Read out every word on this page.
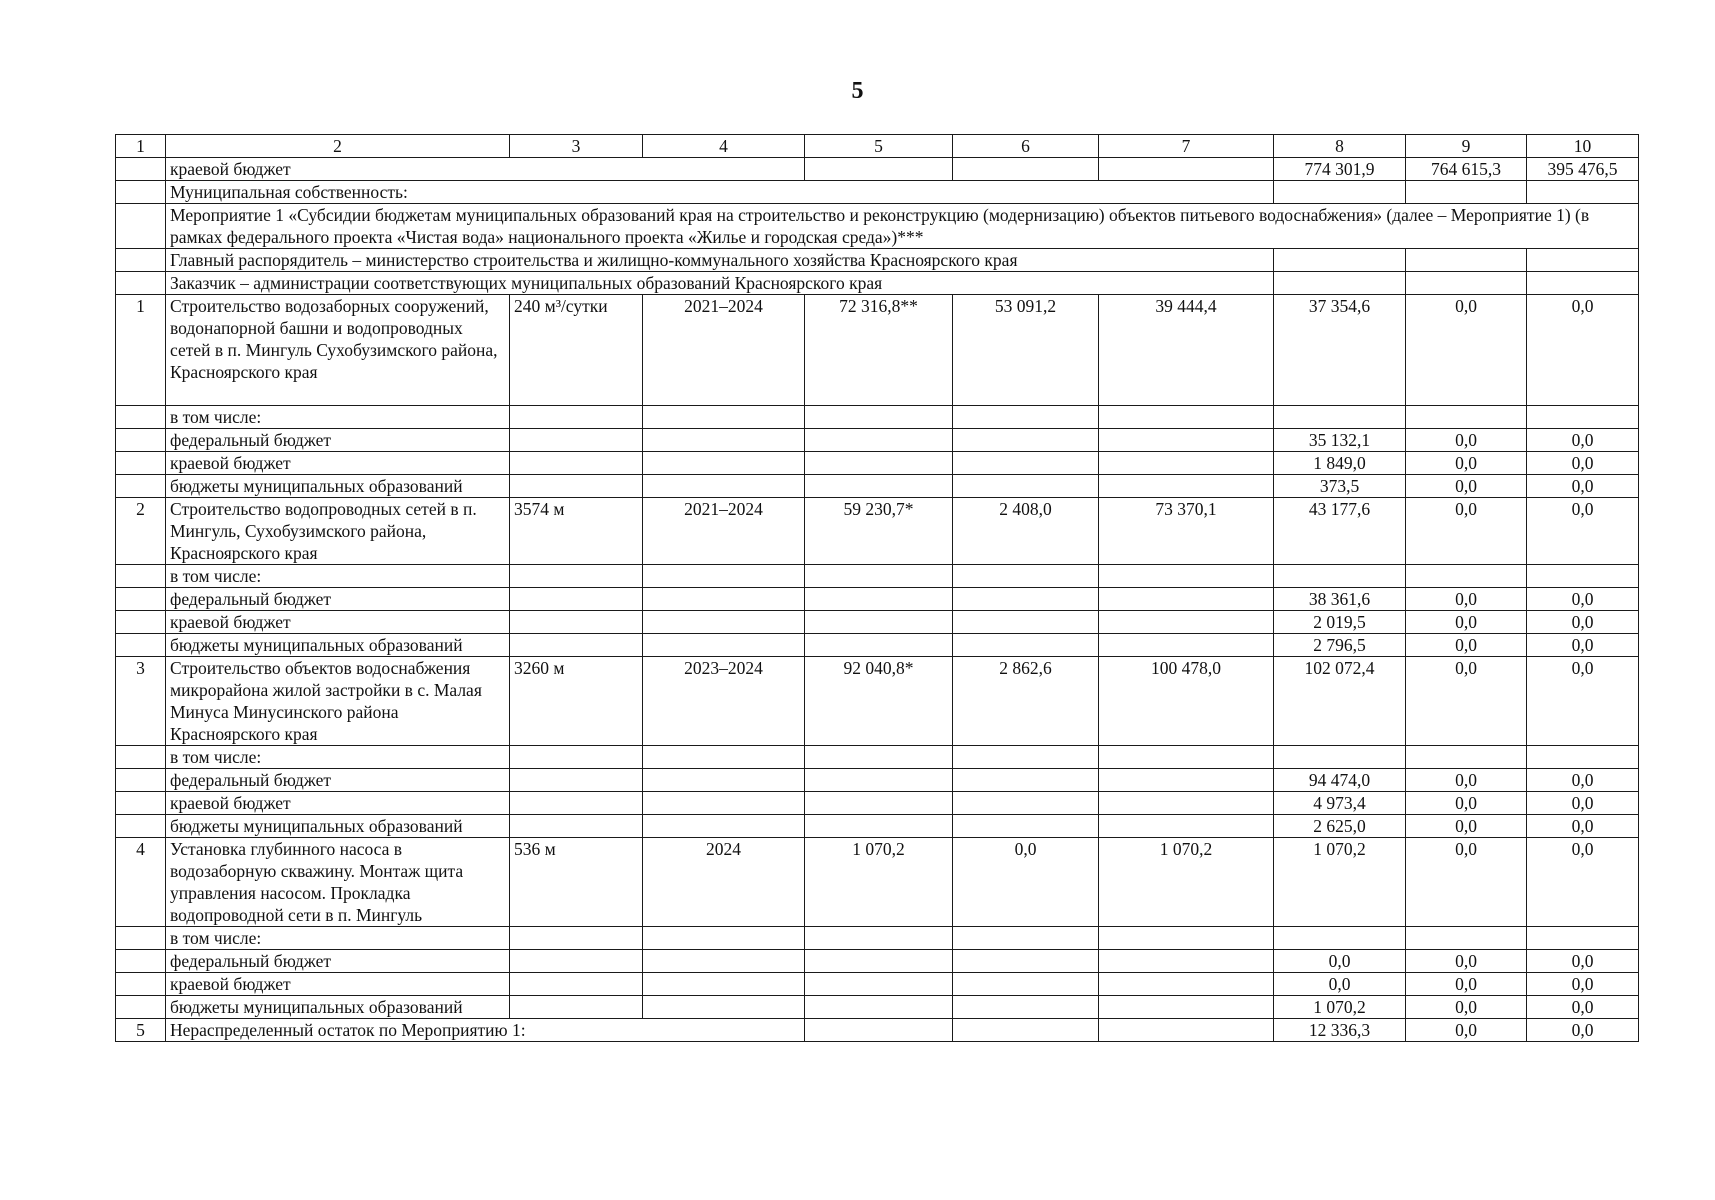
5
1	2	3	4	5	6	7	8	9	10
	краевой бюджет						774 301,9	764 615,3	395 476,5
	Муниципальная собственность:								
	Мероприятие 1 «Субсидии бюджетам муниципальных образований края на строительство и реконструкцию (модернизацию) объектов питьевого водоснабжения» (далее – Мероприятие 1) (в рамках федерального проекта «Чистая вода» национального проекта «Жилье и городская среда»)***								
	Главный распорядитель – министерство строительства и жилищно-коммунального хозяйства Красноярского края								
	Заказчик – администрации соответствующих муниципальных образований Красноярского края								
1	Строительство водозаборных сооружений, водонапорной башни и водопроводных сетей в п. Мингуль Сухобузимского района, Красноярского края	240 м³/сутки	2021–2024	72 316,8**	53 091,2	39 444,4	37 354,6	0,0	0,0
	в том числе:								
	федеральный бюджет						35 132,1	0,0	0,0
	краевой бюджет						1 849,0	0,0	0,0
	бюджеты муниципальных образований						373,5	0,0	0,0
2	Строительство водопроводных сетей в п. Мингуль, Сухобузимского района, Красноярского края	3574 м	2021–2024	59 230,7*	2 408,0	73 370,1	43 177,6	0,0	0,0
	в том числе:								
	федеральный бюджет						38 361,6	0,0	0,0
	краевой бюджет						2 019,5	0,0	0,0
	бюджеты муниципальных образований						2 796,5	0,0	0,0
3	Строительство объектов водоснабжения микрорайона жилой застройки в с. Малая Минуса Минусинского района Красноярского края	3260 м	2023–2024	92 040,8*	2 862,6	100 478,0	102 072,4	0,0	0,0
	в том числе:								
	федеральный бюджет						94 474,0	0,0	0,0
	краевой бюджет						4 973,4	0,0	0,0
	бюджеты муниципальных образований						2 625,0	0,0	0,0
4	Установка глубинного насоса в водозаборную скважину. Монтаж щита управления насосом. Прокладка водопроводной сети в п. Мингуль	536 м	2024	1 070,2	0,0	1 070,2	1 070,2	0,0	0,0
	в том числе:								
	федеральный бюджет						0,0	0,0	0,0
	краевой бюджет						0,0	0,0	0,0
	бюджеты муниципальных образований						1 070,2	0,0	0,0
5	Нераспределенный остаток по Мероприятию 1:						12 336,3	0,0	0,0
